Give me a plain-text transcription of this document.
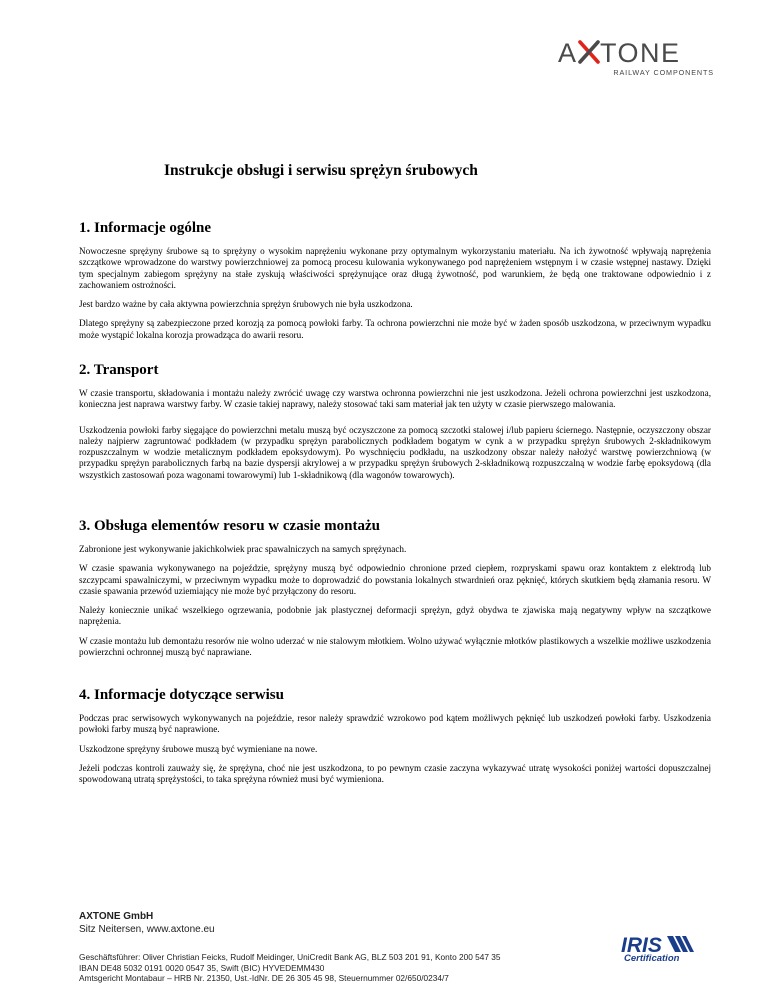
A TONE
RAILWAY COMPONENTS
Instrukcje obsługi i serwisu sprężyn śrubowych
1. Informacje ogólne

Nowoczesne sprężyny śrubowe są to sprężyny o wysokim naprężeniu wykonane przy optymalnym wykorzystaniu materiału. Na ich żywotność wpływają naprężenia szczątkowe wprowadzone do warstwy powierzchniowej za pomocą procesu kulowania wykonywanego pod naprężeniem wstępnym i w czasie wstępnej nastawy. Dzięki tym specjalnym zabiegom sprężyny na stałe zyskują właściwości sprężynujące oraz długą żywotność, pod warunkiem, że będą one traktowane odpowiednio i z zachowaniem ostrożności.

Jest bardzo ważne by cała aktywna powierzchnia sprężyn śrubowych nie była uszkodzona.

Dlatego sprężyny są zabezpieczone przed korozją za pomocą powłoki farby. Ta ochrona powierzchni nie może być w żaden sposób uszkodzona, w przeciwnym wypadku może wystąpić lokalna korozja prowadząca do awarii resoru.

2. Transport

W czasie transportu, składowania i montażu należy zwrócić uwagę czy warstwa ochronna powierzchni nie jest uszkodzona. Jeżeli ochrona powierzchni jest uszkodzona, konieczna jest naprawa warstwy farby. W czasie takiej naprawy, należy stosować taki sam materiał jak ten użyty w czasie pierwszego malowania.

Uszkodzenia powłoki farby sięgające do powierzchni metalu muszą być oczyszczone za pomocą szczotki stalowej i/lub papieru ściernego. Następnie, oczyszczony obszar należy najpierw zagruntować podkładem (w przypadku sprężyn parabolicznych podkładem bogatym w cynk a w przypadku sprężyn śrubowych 2-składnikowym rozpuszczalnym w wodzie metalicznym podkładem epoksydowym). Po wyschnięciu podkładu, na uszkodzony obszar należy nałożyć warstwę powierzchniową (w przypadku sprężyn parabolicznych farbą na bazie dyspersji akrylowej a w przypadku sprężyn śrubowych 2-składnikową rozpuszczalną w wodzie farbę epoksydową (dla wszystkich zastosowań poza wagonami towarowymi) lub 1-składnikową (dla wagonów towarowych).

3. Obsługa elementów resoru w czasie montażu

Zabronione jest wykonywanie jakichkolwiek prac spawalniczych na samych sprężynach.

W czasie spawania wykonywanego na pojeździe, sprężyny muszą być odpowiednio chronione przed ciepłem, rozpryskami spawu oraz kontaktem z elektrodą lub szczypcami spawalniczymi, w przeciwnym wypadku może to doprowadzić do powstania lokalnych stwardnień oraz pęknięć, których skutkiem będą złamania resoru. W czasie spawania przewód uziemiający nie może być przyłączony do resoru.

Należy koniecznie unikać wszelkiego ogrzewania, podobnie jak plastycznej deformacji sprężyn, gdyż obydwa te zjawiska mają negatywny wpływ na szczątkowe naprężenia.

W czasie montażu lub demontażu resorów nie wolno uderzać w nie stalowym młotkiem. Wolno używać wyłącznie młotków plastikowych a wszelkie możliwe uszkodzenia powierzchni ochronnej muszą być naprawiane.

4. Informacje dotyczące serwisu

Podczas prac serwisowych wykonywanych na pojeździe, resor należy sprawdzić wzrokowo pod kątem możliwych pęknięć lub uszkodzeń powłoki farby. Uszkodzenia powłoki farby muszą być naprawione.

Uszkodzone sprężyny śrubowe muszą być wymieniane na nowe.

Jeżeli podczas kontroli zauważy się, że sprężyna, choć nie jest uszkodzona, to po pewnym czasie zaczyna wykazywać utratę wysokości poniżej wartości dopuszczalnej spowodowaną utratą sprężystości, to taka sprężyna również musi być wymieniona.

AXTONE GmbH
Sitz Neitersen, www.axtone.eu
Geschäftsführer: Oliver Christian Feicks, Rudolf Meidinger, UniCredit Bank AG, BLZ 503 201 91, Konto 200 547 35
IBAN DE48 5032 0191 0020 0547 35, Swift (BIC) HYVEDEMM430
Amtsgericht Montabaur – HRB Nr. 21350, Ust.-IdNr. DE 26 305 45 98, Steuernummer 02/650/0234/7
IRIS
Certification
